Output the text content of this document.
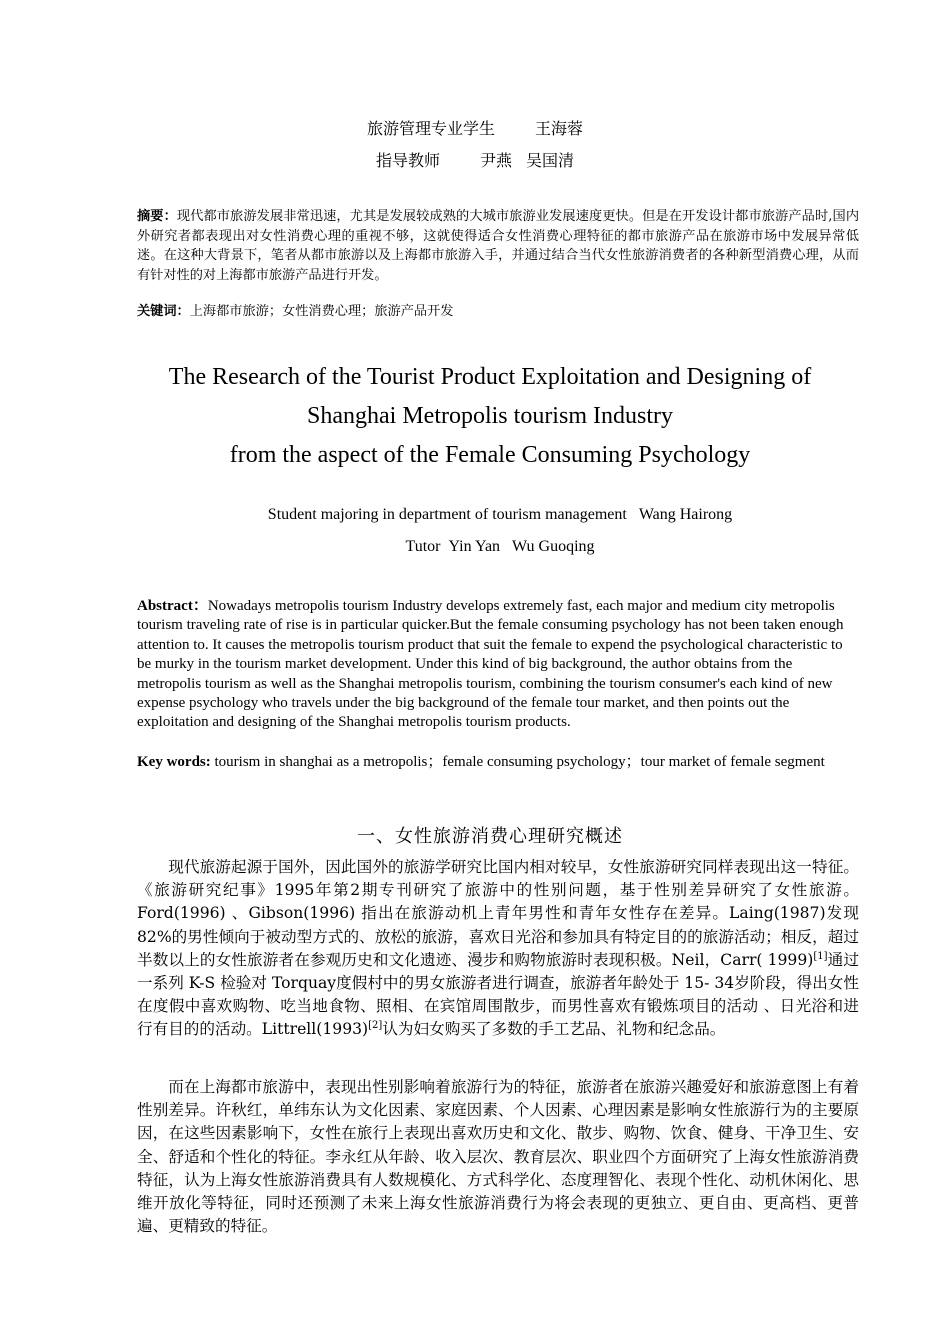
旅游管理专业学生	王海蓉
指导教师	尹燕 吴国清
摘要：现代都市旅游发展非常迅速，尤其是发展较成熟的大城市旅游业发展速度更快。但是在开发设计都市旅游产品时,国内外研究者都表现出对女性消费心理的重视不够，这就使得适合女性消费心理特征的都市旅游产品在旅游市场中发展异常低迷。在这种大背景下，笔者从都市旅游以及上海都市旅游入手，并通过结合当代女性旅游消费者的各种新型消费心理，从而有针对性的对上海都市旅游产品进行开发。
关键词：上海都市旅游；女性消费心理；旅游产品开发
The Research of the Tourist Product Exploitation and Designing of
Shanghai Metropolis tourism Industry
from the aspect of the Female Consuming Psychology
Student majoring in department of tourism management Wang Hairong
Tutor Yin Yan Wu Guoqing
Abstract：Nowadays metropolis tourism Industry develops extremely fast, each major and medium city metropolis tourism traveling rate of rise is in particular quicker.But the female consuming psychology has not been taken enough attention to. It causes the metropolis tourism product that suit the female to expend the psychological characteristic to be murky in the tourism market development. Under this kind of big background, the author obtains from the metropolis tourism as well as the Shanghai metropolis tourism, combining the tourism consumer's each kind of new expense psychology who travels under the big background of the female tour market, and then points out the exploitation and designing of the Shanghai metropolis tourism products.
Key words: tourism in shanghai as a metropolis；female consuming psychology；tour market of female segment
一、女性旅游消费心理研究概述

现代旅游起源于国外，因此国外的旅游学研究比国内相对较早，女性旅游研究同样表现出这一特征。《旅游研究纪事》1995年第2期专刊研究了旅游中的性别问题，基于性别差异研究了女性旅游。Ford(1996) 、Gibson(1996) 指出在旅游动机上青年男性和青年女性存在差异。Laing(1987)发现 82%的男性倾向于被动型方式的、放松的旅游，喜欢日光浴和参加具有特定目的的旅游活动；相反，超过半数以上的女性旅游者在参观历史和文化遗迹、漫步和购物旅游时表现积极。Neil，Carr( 1999)[1]通过一系列 K-S 检验对 Torquay度假村中的男女旅游者进行调查，旅游者年龄处于 15- 34岁阶段，得出女性在度假中喜欢购物、吃当地食物、照相、在宾馆周围散步，而男性喜欢有锻炼项目的活动 、日光浴和进行有目的的活动。Littrell(1993)[2]认为妇女购买了多数的手工艺品、礼物和纪念品。

而在上海都市旅游中，表现出性别影响着旅游行为的特征，旅游者在旅游兴趣爱好和旅游意图上有着性别差异。许秋红，单纬东认为文化因素、家庭因素、个人因素、心理因素是影响女性旅游行为的主要原因，在这些因素影响下，女性在旅行上表现出喜欢历史和文化、散步、购物、饮食、健身、干净卫生、安全、舒适和个性化的特征。李永红从年龄、收入层次、教育层次、职业四个方面研究了上海女性旅游消费特征，认为上海女性旅游消费具有人数规模化、方式科学化、态度理智化、表现个性化、动机休闲化、思维开放化等特征，同时还预测了未来上海女性旅游消费行为将会表现的更独立、更自由、更高档、更普遍、更精致的特征。
